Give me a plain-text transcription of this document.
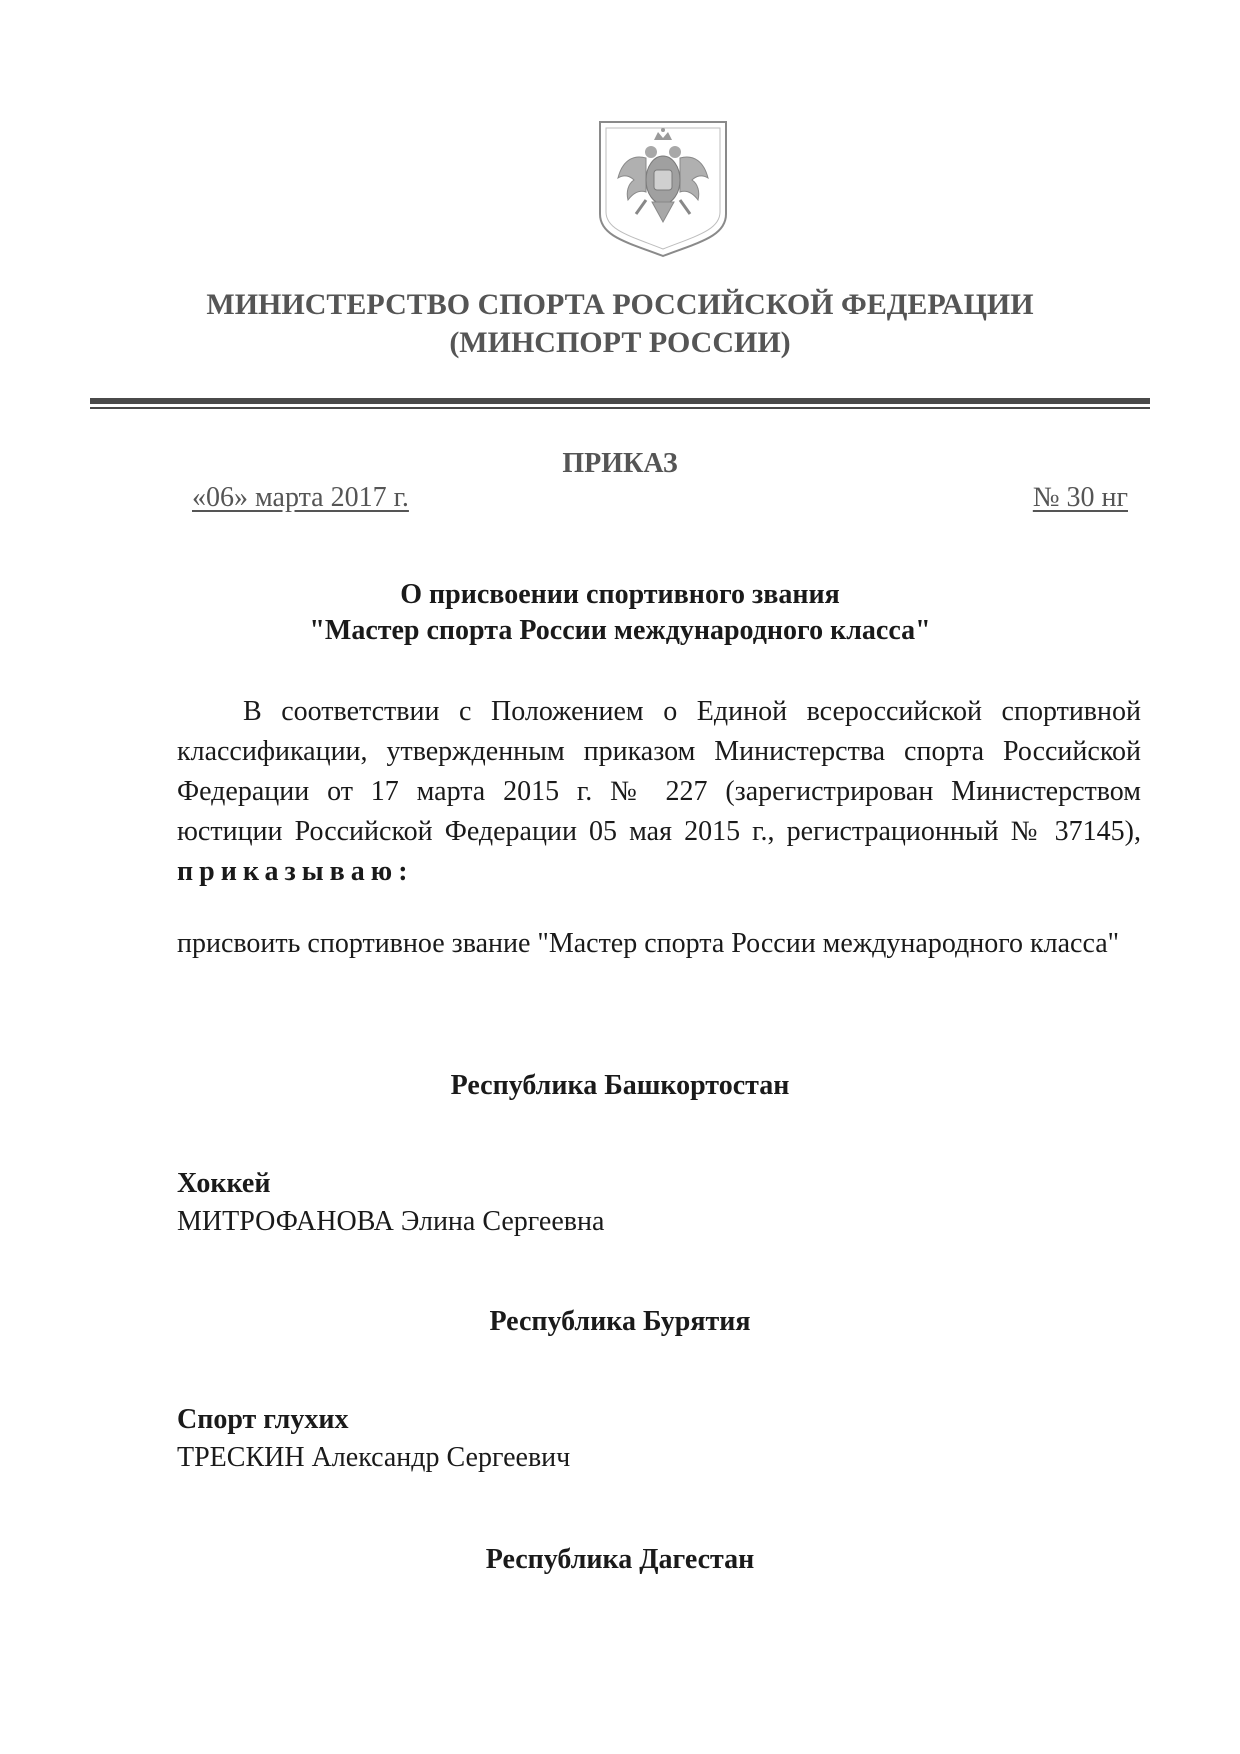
МИНИСТЕРСТВО СПОРТА РОССИЙСКОЙ ФЕДЕРАЦИИ
(МИНСПОРТ РОССИИ)
ПРИКАЗ
«06» марта 2017 г.	№ 30 нг
О присвоении спортивного звания
"Мастер спорта России международного класса"
В соответствии с Положением о Единой всероссийской спортивной классификации, утвержденным приказом Министерства спорта Российской Федерации от 17 марта 2015 г. № 227 (зарегистрирован Министерством юстиции Российской Федерации 05 мая 2015 г., регистрационный № 37145), приказываю:
присвоить спортивное звание "Мастер спорта России международного класса"
Республика Башкортостан
Хоккей
МИТРОФАНОВА Элина Сергеевна
Республика Бурятия
Спорт глухих
ТРЕСКИН Александр Сергеевич
Республика Дагестан
